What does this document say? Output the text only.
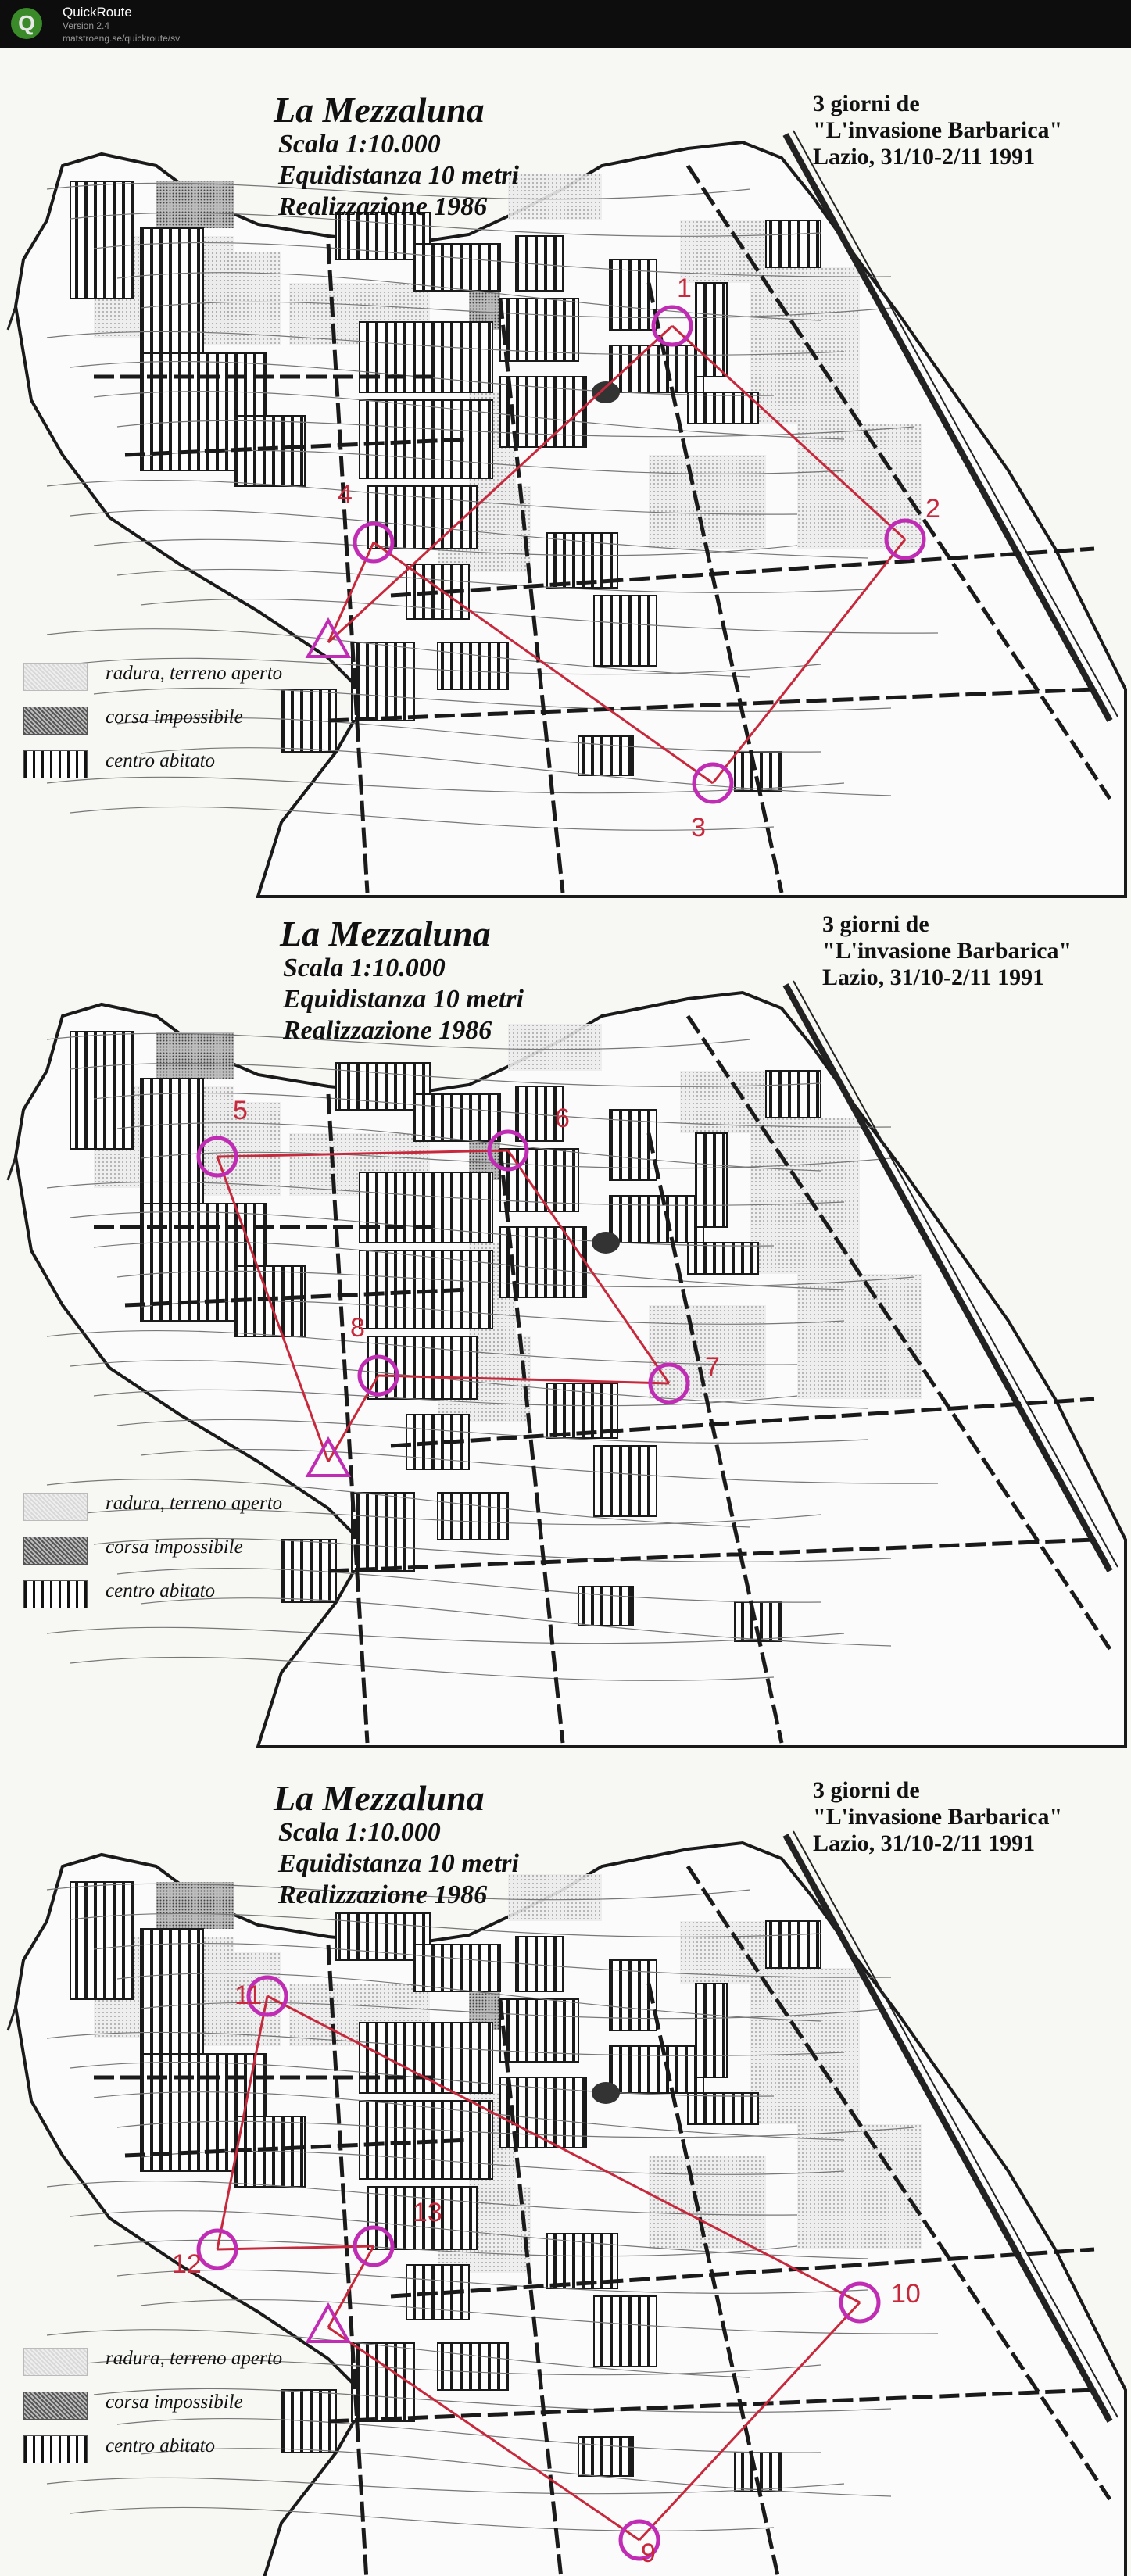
Q QuickRoute
Version 2.4
matstroeng.se/quickroute/sv
La Mezzaluna
Scala 1:10.000
Equidistanza 10 metri
Realizzazione 1986
3 giorni de
"L'invasione Barbarica"
Lazio, 31/10-2/11 1991
radura, terreno aperto
corsa impossibile
centro abitato
1
2
3
4
La Mezzaluna
Scala 1:10.000
Equidistanza 10 metri
Realizzazione 1986
3 giorni de
"L'invasione Barbarica"
Lazio, 31/10-2/11 1991
radura, terreno aperto
corsa impossibile
centro abitato
5	6
7
8
La Mezzaluna
Scala 1:10.000
Equidistanza 10 metri
Realizzazione 1986
3 giorni de
"L'invasione Barbarica"
Lazio, 31/10-2/11 1991
radura, terreno aperto
corsa impossibile
centro abitato
9
10
11
12
13
